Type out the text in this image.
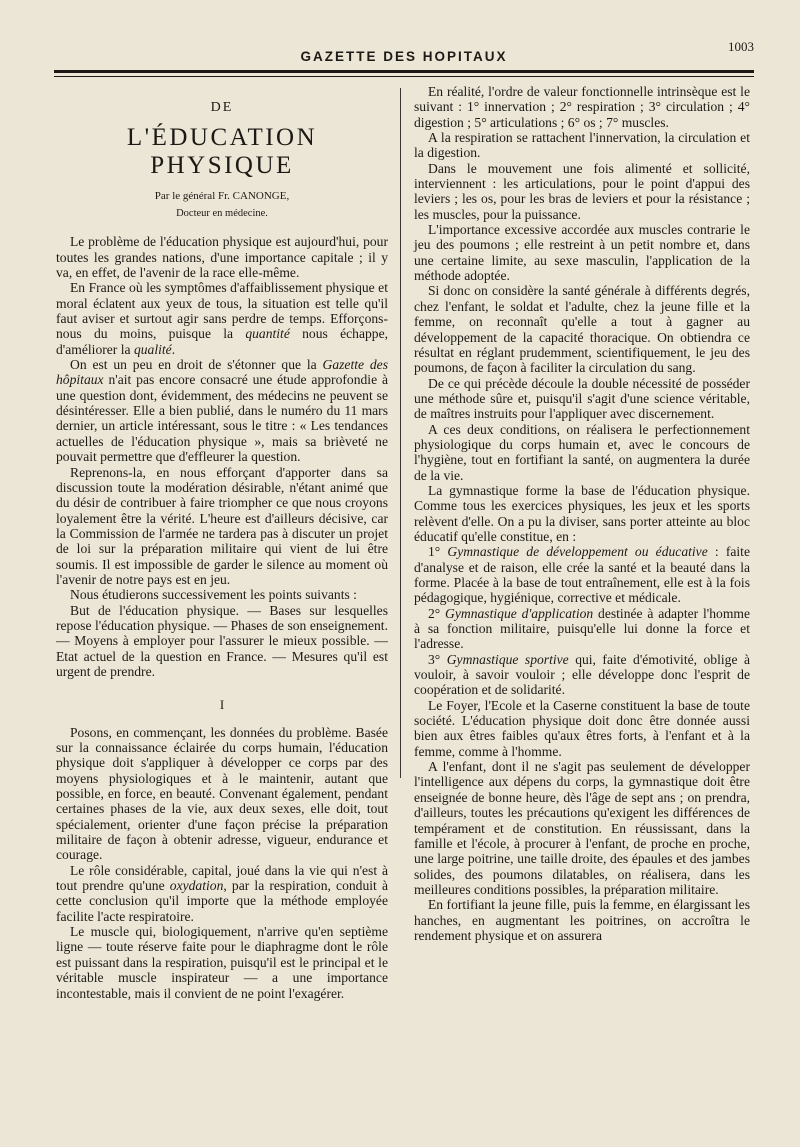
GAZETTE DES HOPITAUX
1003
DE
L'ÉDUCATION PHYSIQUE
Par le général Fr. CANONGE,
Docteur en médecine.

Le problème de l'éducation physique est aujourd'hui, pour toutes les grandes nations, d'une importance capitale ; il y va, en effet, de l'avenir de la race elle-même.

En France où les symptômes d'affaiblissement physique et moral éclatent aux yeux de tous, la situation est telle qu'il faut aviser et surtout agir sans perdre de temps. Efforçons-nous du moins, puisque la quantité nous échappe, d'améliorer la qualité.

On est un peu en droit de s'étonner que la Gazette des hôpitaux n'ait pas encore consacré une étude approfondie à une question dont, évidemment, des médecins ne peuvent se désintéresser. Elle a bien publié, dans le numéro du 11 mars dernier, un article intéressant, sous le titre : « Les tendances actuelles de l'éducation physique », mais sa brièveté ne pouvait permettre que d'effleurer la question.

Reprenons-la, en nous efforçant d'apporter dans sa discussion toute la modération désirable, n'étant animé que du désir de contribuer à faire triompher ce que nous croyons loyalement être la vérité. L'heure est d'ailleurs décisive, car la Commission de l'armée ne tardera pas à discuter un projet de loi sur la préparation militaire qui vient de lui être soumis. Il est impossible de garder le silence au moment où l'avenir de notre pays est en jeu.

Nous étudierons successivement les points suivants :

But de l'éducation physique. — Bases sur lesquelles repose l'éducation physique. — Phases de son enseignement. — Moyens à employer pour l'assurer le mieux possible. — Etat actuel de la question en France. — Mesures qu'il est urgent de prendre.

I

Posons, en commençant, les données du problème. Basée sur la connaissance éclairée du corps humain, l'éducation physique doit s'appliquer à développer ce corps par des moyens physiologiques et à le maintenir, autant que possible, en force, en beauté. Convenant également, pendant certaines phases de la vie, aux deux sexes, elle doit, tout spécialement, orienter d'une façon précise la préparation militaire de façon à obtenir adresse, vigueur, endurance et courage.

Le rôle considérable, capital, joué dans la vie qui n'est à tout prendre qu'une oxydation, par la respiration, conduit à cette conclusion qu'il importe que la méthode employée facilite l'acte respiratoire.

Le muscle qui, biologiquement, n'arrive qu'en septième ligne — toute réserve faite pour le diaphragme dont le rôle est puissant dans la respiration, puisqu'il est le principal et le véritable muscle inspirateur — a une importance incontestable, mais il convient de ne point l'exagérer.

En réalité, l'ordre de valeur fonctionnelle intrinsèque est le suivant : 1° innervation ; 2° respiration ; 3° circulation ; 4° digestion ; 5° articulations ; 6° os ; 7° muscles.

A la respiration se rattachent l'innervation, la circulation et la digestion.

Dans le mouvement une fois alimenté et sollicité, interviennent : les articulations, pour le point d'appui des leviers ; les os, pour les bras de leviers et pour la résistance ; les muscles, pour la puissance.

L'importance excessive accordée aux muscles contrarie le jeu des poumons ; elle restreint à un petit nombre et, dans une certaine limite, au sexe masculin, l'application de la méthode adoptée.

Si donc on considère la santé générale à différents degrés, chez l'enfant, le soldat et l'adulte, chez la jeune fille et la femme, on reconnaît qu'elle a tout à gagner au développement de la capacité thoracique. On obtiendra ce résultat en réglant prudemment, scientifiquement, le jeu des poumons, de façon à faciliter la circulation du sang.

De ce qui précède découle la double nécessité de posséder une méthode sûre et, puisqu'il s'agit d'une science véritable, de maîtres instruits pour l'appliquer avec discernement.

A ces deux conditions, on réalisera le perfectionnement physiologique du corps humain et, avec le concours de l'hygiène, tout en fortifiant la santé, on augmentera la durée de la vie.

La gymnastique forme la base de l'éducation physique. Comme tous les exercices physiques, les jeux et les sports relèvent d'elle. On a pu la diviser, sans porter atteinte au bloc éducatif qu'elle constitue, en :

1° Gymnastique de développement ou éducative : faite d'analyse et de raison, elle crée la santé et la beauté dans la forme. Placée à la base de tout entraînement, elle est à la fois pédagogique, hygiénique, corrective et médicale.

2° Gymnastique d'application destinée à adapter l'homme à sa fonction militaire, puisqu'elle lui donne la force et l'adresse.

3° Gymnastique sportive qui, faite d'émotivité, oblige à vouloir, à savoir vouloir ; elle développe donc l'esprit de coopération et de solidarité.

Le Foyer, l'Ecole et la Caserne constituent la base de toute société. L'éducation physique doit donc être donnée aussi bien aux êtres faibles qu'aux êtres forts, à l'enfant et à la femme, comme à l'homme.

A l'enfant, dont il ne s'agit pas seulement de développer l'intelligence aux dépens du corps, la gymnastique doit être enseignée de bonne heure, dès l'âge de sept ans ; on prendra, d'ailleurs, toutes les précautions qu'exigent les différences de tempérament et de constitution. En réussissant, dans la famille et l'école, à procurer à l'enfant, de proche en proche, une large poitrine, une taille droite, des épaules et des jambes solides, des poumons dilatables, on réalisera, dans les meilleures conditions possibles, la préparation militaire.

En fortifiant la jeune fille, puis la femme, en élargissant les hanches, en augmentant les poitrines, on accroîtra le rendement physique et on assurera
